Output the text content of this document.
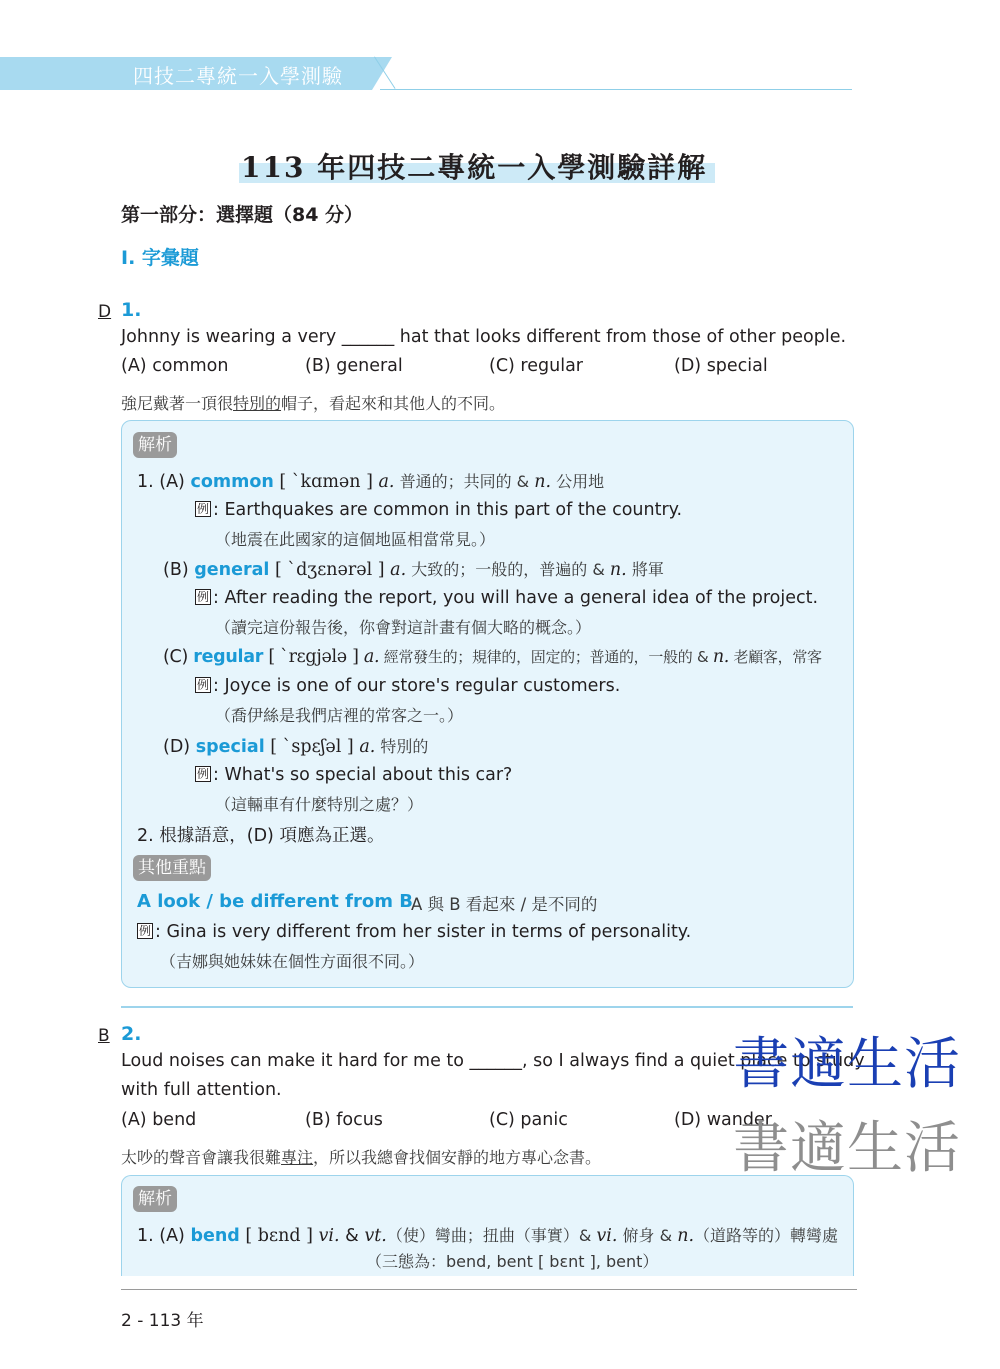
四技二專統一入學測驗
113 年四技二專統一入學測驗詳解
第一部分：選擇題（84 分）
I. 字彙題
D 1.
Johnny is wearing a very ______ hat that looks different from those of other people.
(A) common	(B) general	(C) regular	(D) special
強尼戴著一頂很特別的帽子，看起來和其他人的不同。
解析
1. (A) common [ ˋkɑmən ] a. 普通的；共同的 & n. 公用地
例 : Earthquakes are common in this part of the country.
（地震在此國家的這個地區相當常見。）
(B) general [ ˋdʒɛnərəl ] a. 大致的；一般的，普遍的 & n. 將軍
例 : After reading the report, you will have a general idea of the project.
（讀完這份報告後，你會對這計畫有個大略的概念。）
(C) regular [ ˋrɛgjələ ] a. 經常發生的；規律的，固定的；普通的，一般的 & n. 老顧客，常客
例 : Joyce is one of our store's regular customers.
（喬伊絲是我們店裡的常客之一。）
(D) special [ ˋspɛʃəl ] a. 特別的
例 : What's so special about this car?
（這輛車有什麼特別之處？）
2. 根據語意，(D) 項應為正選。
其他重點
A look / be different from B
A 與 B 看起來 / 是不同的
例 : Gina is very different from her sister in terms of personality.
（吉娜與她妹妹在個性方面很不同。）
B 2.
Loud noises can make it hard for me to ______, so I always find a quiet place to study
with full attention.
(A) bend	(B) focus	(C) panic	(D) wander
太吵的聲音會讓我很難專注，所以我總會找個安靜的地方專心念書。
解析
1. (A) bend [ bɛnd ] vi. & vt.（使）彎曲；扭曲（事實）& vi. 俯身 & n.（道路等的）轉彎處
（三態為：bend, bent [ bɛnt ], bent）
2 - 113 年
書適生活
書適生活
